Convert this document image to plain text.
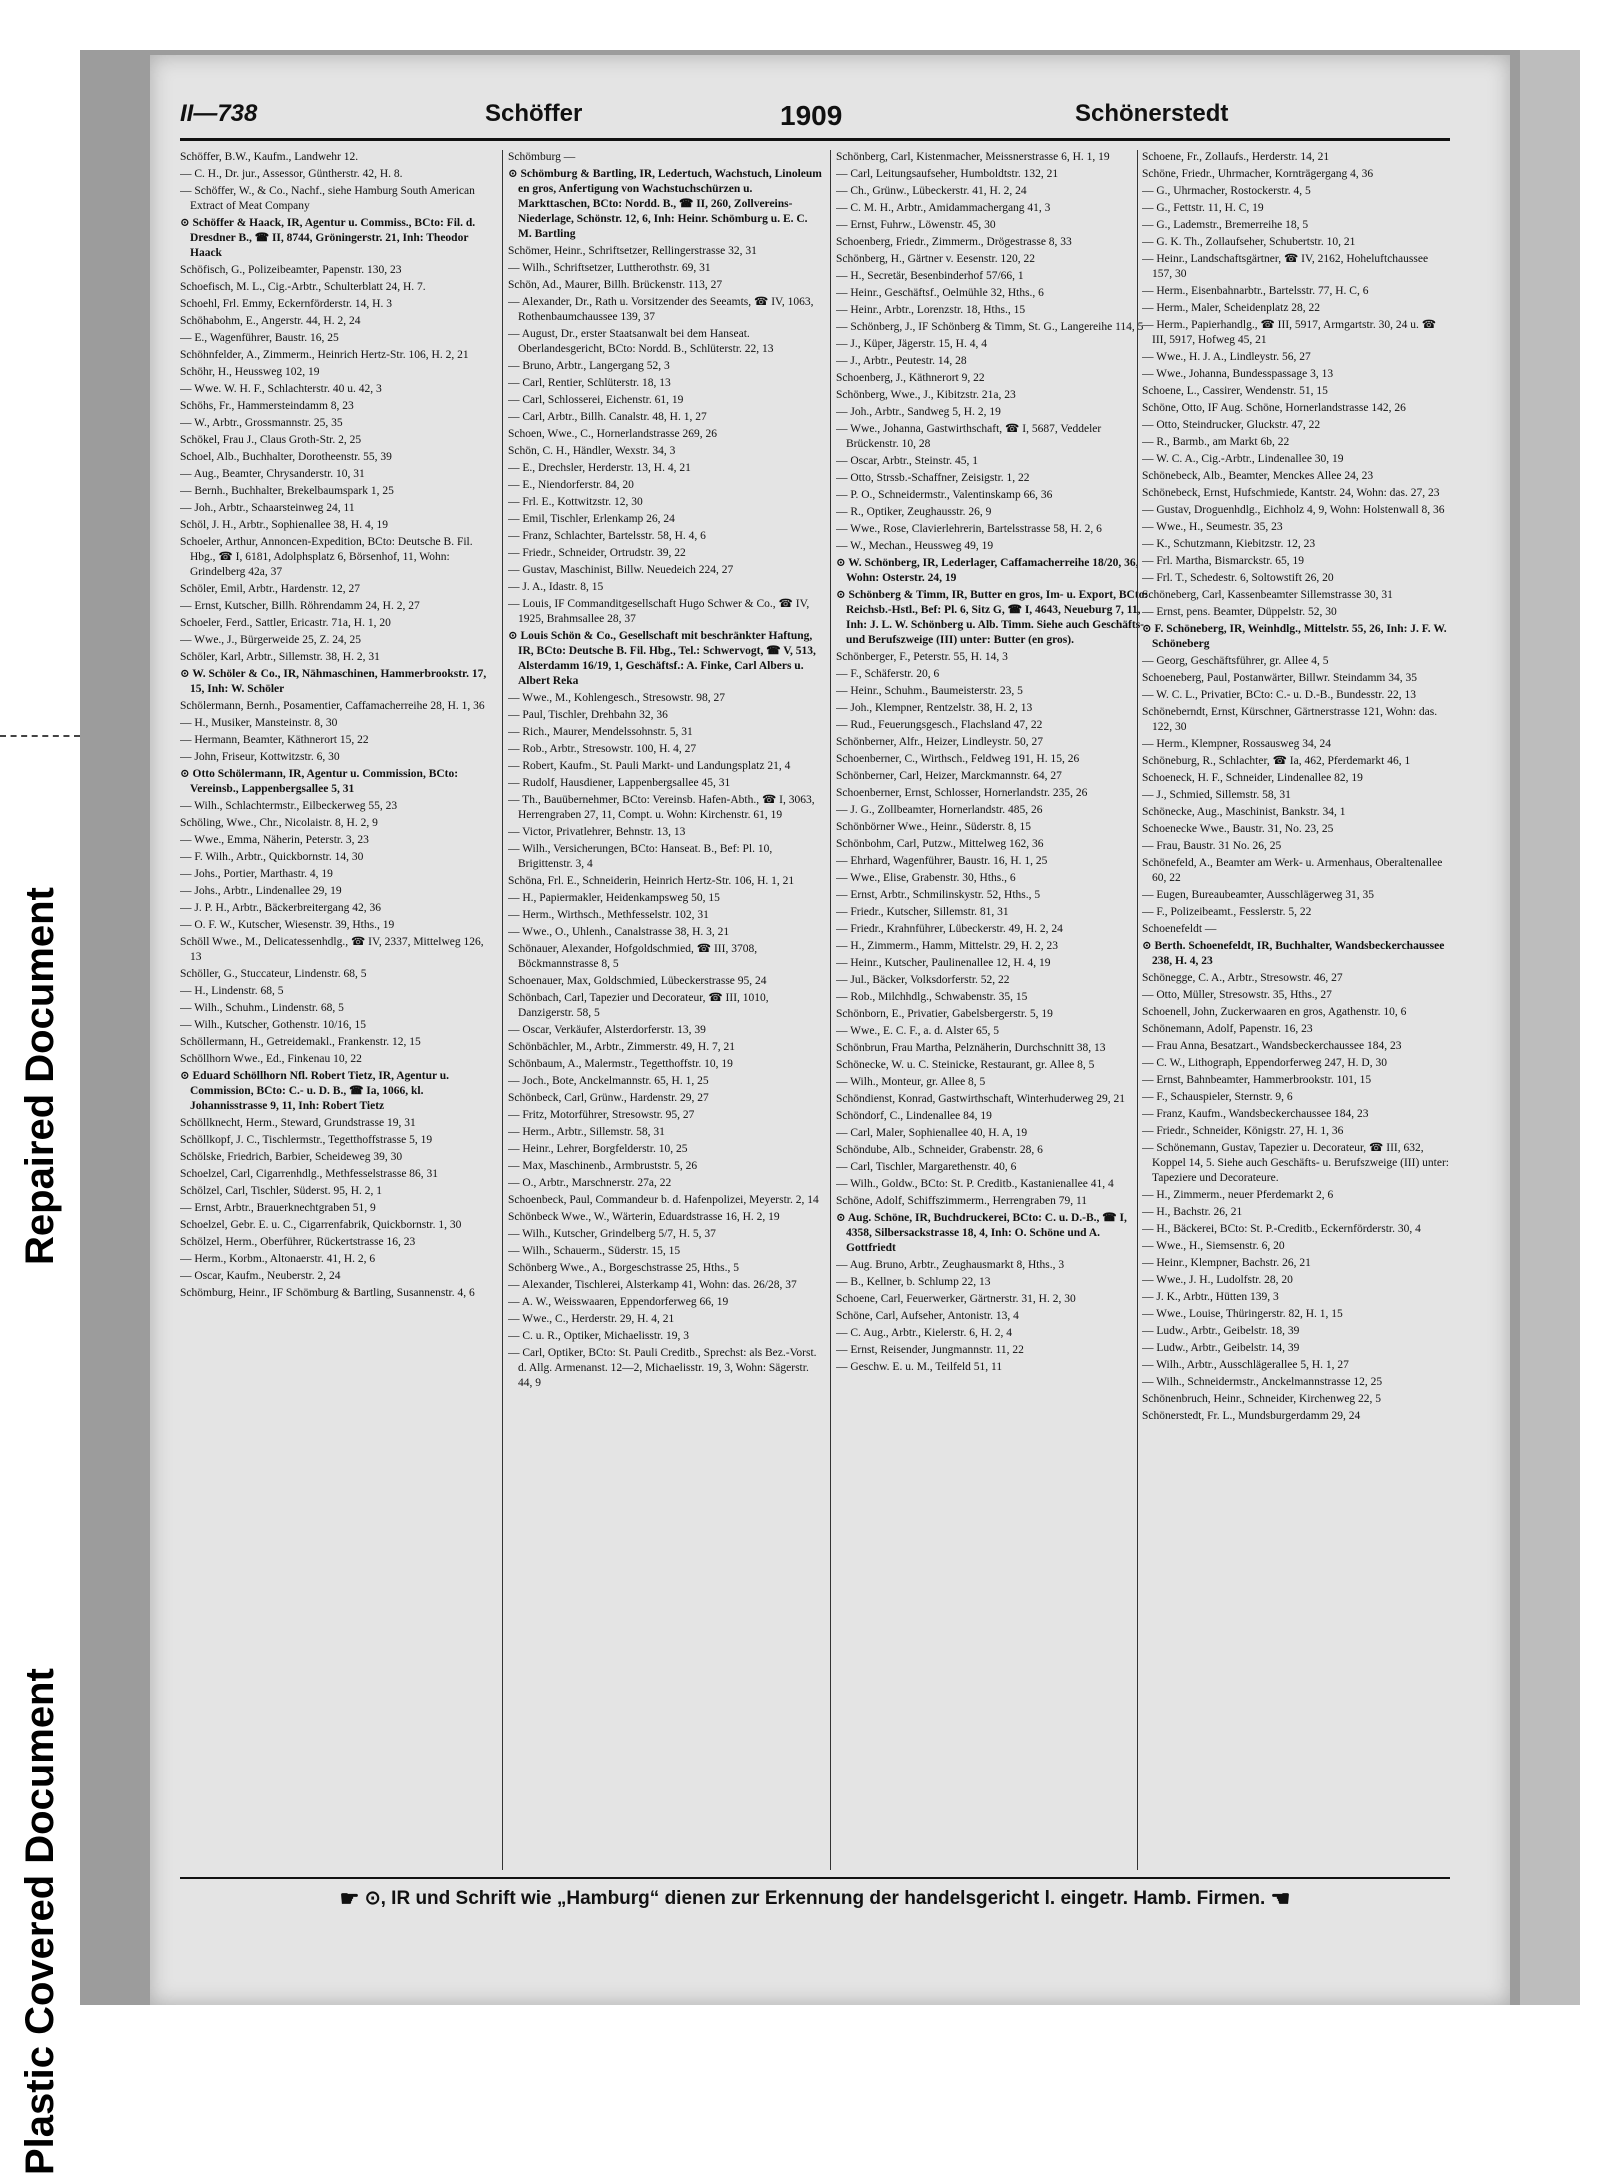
Repaired Document
Plastic Covered Document
II—738	Schöffer	1909	Schönerstedt

Schöffer, B.W., Kaufm., Landwehr 12.

— C. H., Dr. jur., Assessor, Güntherstr. 42, H. 8.

— Schöffer, W., & Co., Nachf., siehe Hamburg South American Extract of Meat Company

⊙ Schöffer & Haack, IR, Agentur u. Commiss., BCto: Fil. d. Dresdner B., ☎ II, 8744, Gröningerstr. 21, Inh: Theodor Haack

Schöfisch, G., Polizeibeamter, Papenstr. 130, 23

Schoefisch, M. L., Cig.-Arbtr., Schulterblatt 24, H. 7.

Schoehl, Frl. Emmy, Eckernförderstr. 14, H. 3

Schöhabohm, E., Angerstr. 44, H. 2, 24

— E., Wagenführer, Baustr. 16, 25

Schöhnfelder, A., Zimmerm., Heinrich Hertz-Str. 106, H. 2, 21

Schöhr, H., Heussweg 102, 19

— Wwe. W. H. F., Schlachterstr. 40 u. 42, 3

Schöhs, Fr., Hammersteindamm 8, 23

— W., Arbtr., Grossmannstr. 25, 35

Schökel, Frau J., Claus Groth-Str. 2, 25

Schoel, Alb., Buchhalter, Dorotheenstr. 55, 39

— Aug., Beamter, Chrysanderstr. 10, 31

— Bernh., Buchhalter, Brekelbaumspark 1, 25

— Joh., Arbtr., Schaarsteinweg 24, 11

Schöl, J. H., Arbtr., Sophienallee 38, H. 4, 19

Schoeler, Arthur, Annoncen-Expedition, BCto: Deutsche B. Fil. Hbg., ☎ I, 6181, Adolphsplatz 6, Börsenhof, 11, Wohn: Grindelberg 42a, 37

Schöler, Emil, Arbtr., Hardenstr. 12, 27

— Ernst, Kutscher, Billh. Röhrendamm 24, H. 2, 27

Schoeler, Ferd., Sattler, Ericastr. 71a, H. 1, 20

— Wwe., J., Bürgerweide 25, Z. 24, 25

Schöler, Karl, Arbtr., Sillemstr. 38, H. 2, 31

⊙ W. Schöler & Co., IR, Nähmaschinen, Hammerbrookstr. 17, 15, Inh: W. Schöler

Schölermann, Bernh., Posamentier, Caffamacherreihe 28, H. 1, 36

— H., Musiker, Mansteinstr. 8, 30

— Hermann, Beamter, Käthnerort 15, 22

— John, Friseur, Kottwitzstr. 6, 30

⊙ Otto Schölermann, IR, Agentur u. Commission, BCto: Vereinsb., Lappenbergsallee 5, 31

— Wilh., Schlachtermstr., Eilbeckerweg 55, 23

Schöling, Wwe., Chr., Nicolaistr. 8, H. 2, 9

— Wwe., Emma, Näherin, Peterstr. 3, 23

— F. Wilh., Arbtr., Quickbornstr. 14, 30

— Johs., Portier, Marthastr. 4, 19

— Johs., Arbtr., Lindenallee 29, 19

— J. P. H., Arbtr., Bäckerbreitergang 42, 36

— O. F. W., Kutscher, Wiesenstr. 39, Hths., 19

Schöll Wwe., M., Delicatessenhdlg., ☎ IV, 2337, Mittelweg 126, 13

Schöller, G., Stuccateur, Lindenstr. 68, 5

— H., Lindenstr. 68, 5

— Wilh., Schuhm., Lindenstr. 68, 5

— Wilh., Kutscher, Gothenstr. 10/16, 15

Schöllermann, H., Getreidemakl., Frankenstr. 12, 15

Schöllhorn Wwe., Ed., Finkenau 10, 22

⊙ Eduard Schöllhorn Nfl. Robert Tietz, IR, Agentur u. Commission, BCto: C.- u. D. B., ☎ Ia, 1066, kl. Johannisstrasse 9, 11, Inh: Robert Tietz

Schöllknecht, Herm., Steward, Grundstrasse 19, 31

Schöllkopf, J. C., Tischlermstr., Tegetthoffstrasse 5, 19

Schölske, Friedrich, Barbier, Scheideweg 39, 30

Schoelzel, Carl, Cigarrenhdlg., Methfesselstrasse 86, 31

Schölzel, Carl, Tischler, Süderst. 95, H. 2, 1

— Ernst, Arbtr., Brauerknechtgraben 51, 9

Schoelzel, Gebr. E. u. C., Cigarrenfabrik, Quickbornstr. 1, 30

Schölzel, Herm., Oberführer, Rückertstrasse 16, 23

— Herm., Korbm., Altonaerstr. 41, H. 2, 6

— Oscar, Kaufm., Neuberstr. 2, 24

Schömburg, Heinr., IF Schömburg & Bartling, Susannenstr. 4, 6

Schömburg —

⊙ Schömburg & Bartling, IR, Ledertuch, Wachstuch, Linoleum en gros, Anfertigung von Wachstuchschürzen u. Markttaschen, BCto: Nordd. B., ☎ II, 260, Zollvereins-Niederlage, Schönstr. 12, 6, Inh: Heinr. Schömburg u. E. C. M. Bartling

Schömer, Heinr., Schriftsetzer, Rellingerstrasse 32, 31

— Wilh., Schriftsetzer, Luttherothstr. 69, 31

Schön, Ad., Maurer, Billh. Brückenstr. 113, 27

— Alexander, Dr., Rath u. Vorsitzender des Seeamts, ☎ IV, 1063, Rothenbaumchaussee 139, 37

— August, Dr., erster Staatsanwalt bei dem Hanseat. Oberlandesgericht, BCto: Nordd. B., Schlüterstr. 22, 13

— Bruno, Arbtr., Langergang 52, 3

— Carl, Rentier, Schlüterstr. 18, 13

— Carl, Schlosserei, Eichenstr. 61, 19

— Carl, Arbtr., Billh. Canalstr. 48, H. 1, 27

Schoen, Wwe., C., Hornerlandstrasse 269, 26

Schön, C. H., Händler, Wexstr. 34, 3

— E., Drechsler, Herderstr. 13, H. 4, 21

— E., Niendorferstr. 84, 20

— Frl. E., Kottwitzstr. 12, 30

— Emil, Tischler, Erlenkamp 26, 24

— Franz, Schlachter, Bartelsstr. 58, H. 4, 6

— Friedr., Schneider, Ortrudstr. 39, 22

— Gustav, Maschinist, Billw. Neuedeich 224, 27

— J. A., Idastr. 8, 15

— Louis, IF Commanditgesellschaft Hugo Schwer & Co., ☎ IV, 1925, Brahmsallee 28, 37

⊙ Louis Schön & Co., Gesellschaft mit beschränkter Haftung, IR, BCto: Deutsche B. Fil. Hbg., Tel.: Schwervogt, ☎ V, 513, Alsterdamm 16/19, 1, Geschäftsf.: A. Finke, Carl Albers u. Albert Reka

— Wwe., M., Kohlengesch., Stresowstr. 98, 27

— Paul, Tischler, Drehbahn 32, 36

— Rich., Maurer, Mendelssohnstr. 5, 31

— Rob., Arbtr., Stresowstr. 100, H. 4, 27

— Robert, Kaufm., St. Pauli Markt- und Landungsplatz 21, 4

— Rudolf, Hausdiener, Lappenbergsallee 45, 31

— Th., Bauübernehmer, BCto: Vereinsb. Hafen-Abth., ☎ I, 3063, Herrengraben 27, 11, Compt. u. Wohn: Kirchenstr. 61, 19

— Victor, Privatlehrer, Behnstr. 13, 13

— Wilh., Versicherungen, BCto: Hanseat. B., Bef: Pl. 10, Brigittenstr. 3, 4

Schöna, Frl. E., Schneiderin, Heinrich Hertz-Str. 106, H. 1, 21

— H., Papiermakler, Heidenkampsweg 50, 15

— Herm., Wirthsch., Methfesselstr. 102, 31

— Wwe., O., Uhlenh., Canalstrasse 38, H. 3, 21

Schönauer, Alexander, Hofgoldschmied, ☎ III, 3708, Böckmannstrasse 8, 5

Schoenauer, Max, Goldschmied, Lübeckerstrasse 95, 24

Schönbach, Carl, Tapezier und Decorateur, ☎ III, 1010, Danzigerstr. 58, 5

— Oscar, Verkäufer, Alsterdorferstr. 13, 39

Schönbächler, M., Arbtr., Zimmerstr. 49, H. 7, 21

Schönbaum, A., Malermstr., Tegetthoffstr. 10, 19

— Joch., Bote, Anckelmannstr. 65, H. 1, 25

Schönbeck, Carl, Grünw., Hardenstr. 29, 27

— Fritz, Motorführer, Stresowstr. 95, 27

— Herm., Arbtr., Sillemstr. 58, 31

— Heinr., Lehrer, Borgfelderstr. 10, 25

— Max, Maschinenb., Armbruststr. 5, 26

— O., Arbtr., Marschnerstr. 27a, 22

Schoenbeck, Paul, Commandeur b. d. Hafenpolizei, Meyerstr. 2, 14

Schönbeck Wwe., W., Wärterin, Eduardstrasse 16, H. 2, 19

— Wilh., Kutscher, Grindelberg 5/7, H. 5, 37

— Wilh., Schauerm., Süderstr. 15, 15

Schönberg Wwe., A., Borgeschstrasse 25, Hths., 5

— Alexander, Tischlerei, Alsterkamp 41, Wohn: das. 26/28, 37

— A. W., Weisswaaren, Eppendorferweg 66, 19

— Wwe., C., Herderstr. 29, H. 4, 21

— C. u. R., Optiker, Michaelisstr. 19, 3

— Carl, Optiker, BCto: St. Pauli Creditb., Sprechst: als Bez.-Vorst. d. Allg. Armenanst. 12—2, Michaelisstr. 19, 3, Wohn: Sägerstr. 44, 9

Schönberg, Carl, Kistenmacher, Meissnerstrasse 6, H. 1, 19

— Carl, Leitungsaufseher, Humboldtstr. 132, 21

— Ch., Grünw., Lübeckerstr. 41, H. 2, 24

— C. M. H., Arbtr., Amidammachergang 41, 3

— Ernst, Fuhrw., Löwenstr. 45, 30

Schoenberg, Friedr., Zimmerm., Drögestrasse 8, 33

Schönberg, H., Gärtner v. Eesenstr. 120, 22

— H., Secretär, Besenbinderhof 57/66, 1

— Heinr., Geschäftsf., Oelmühle 32, Hths., 6

— Heinr., Arbtr., Lorenzstr. 18, Hths., 15

— Schönberg, J., IF Schönberg & Timm, St. G., Langereihe 114, 5

— J., Küper, Jägerstr. 15, H. 4, 4

— J., Arbtr., Peutestr. 14, 28

Schoenberg, J., Käthnerort 9, 22

Schönberg, Wwe., J., Kibitzstr. 21a, 23

— Joh., Arbtr., Sandweg 5, H. 2, 19

— Wwe., Johanna, Gastwirthschaft, ☎ I, 5687, Veddeler Brückenstr. 10, 28

— Oscar, Arbtr., Steinstr. 45, 1

— Otto, Strssb.-Schaffner, Zeisigstr. 1, 22

— P. O., Schneidermstr., Valentinskamp 66, 36

— R., Optiker, Zeughausstr. 26, 9

— Wwe., Rose, Clavierlehrerin, Bartelsstrasse 58, H. 2, 6

— W., Mechan., Heussweg 49, 19

⊙ W. Schönberg, IR, Lederlager, Caffamacherreihe 18/20, 36, Wohn: Osterstr. 24, 19

⊙ Schönberg & Timm, IR, Butter en gros, Im- u. Export, BCto: Reichsb.-Hstl., Bef: Pl. 6, Sitz G, ☎ I, 4643, Neueburg 7, 11, Inh: J. L. W. Schönberg u. Alb. Timm. Siehe auch Geschäfts- und Berufszweige (III) unter: Butter (en gros).

Schönberger, F., Peterstr. 55, H. 14, 3

— F., Schäferstr. 20, 6

— Heinr., Schuhm., Baumeisterstr. 23, 5

— Joh., Klempner, Rentzelstr. 38, H. 2, 13

— Rud., Feuerungsgesch., Flachsland 47, 22

Schönberner, Alfr., Heizer, Lindleystr. 50, 27

Schoenberner, C., Wirthsch., Feldweg 191, H. 15, 26

Schönberner, Carl, Heizer, Marckmannstr. 64, 27

Schoenberner, Ernst, Schlosser, Hornerlandstr. 235, 26

— J. G., Zollbeamter, Hornerlandstr. 485, 26

Schönbörner Wwe., Heinr., Süderstr. 8, 15

Schönbohm, Carl, Putzw., Mittelweg 162, 36

— Ehrhard, Wagenführer, Baustr. 16, H. 1, 25

— Wwe., Elise, Grabenstr. 30, Hths., 6

— Ernst, Arbtr., Schmilinskystr. 52, Hths., 5

— Friedr., Kutscher, Sillemstr. 81, 31

— Friedr., Krahnführer, Lübeckerstr. 49, H. 2, 24

— H., Zimmerm., Hamm, Mittelstr. 29, H. 2, 23

— Heinr., Kutscher, Paulinenallee 12, H. 4, 19

— Jul., Bäcker, Volksdorferstr. 52, 22

— Rob., Milchhdlg., Schwabenstr. 35, 15

Schönborn, E., Privatier, Gabelsbergerstr. 5, 19

— Wwe., E. C. F., a. d. Alster 65, 5

Schönbrun, Frau Martha, Pelznäherin, Durchschnitt 38, 13

Schönecke, W. u. C. Steinicke, Restaurant, gr. Allee 8, 5

— Wilh., Monteur, gr. Allee 8, 5

Schöndienst, Konrad, Gastwirthschaft, Winterhuderweg 29, 21

Schöndorf, C., Lindenallee 84, 19

— Carl, Maler, Sophienallee 40, H. A, 19

Schöndube, Alb., Schneider, Grabenstr. 28, 6

— Carl, Tischler, Margarethenstr. 40, 6

— Wilh., Goldw., BCto: St. P. Creditb., Kastanienallee 41, 4

Schöne, Adolf, Schiffszimmerm., Herrengraben 79, 11

⊙ Aug. Schöne, IR, Buchdruckerei, BCto: C. u. D.-B., ☎ I, 4358, Silbersackstrasse 18, 4, Inh: O. Schöne und A. Gottfriedt

— Aug. Bruno, Arbtr., Zeughausmarkt 8, Hths., 3

— B., Kellner, b. Schlump 22, 13

Schoene, Carl, Feuerwerker, Gärtnerstr. 31, H. 2, 30

Schöne, Carl, Aufseher, Antonistr. 13, 4

— C. Aug., Arbtr., Kielerstr. 6, H. 2, 4

— Ernst, Reisender, Jungmannstr. 11, 22

— Geschw. E. u. M., Teilfeld 51, 11

Schoene, Fr., Zollaufs., Herderstr. 14, 21

Schöne, Friedr., Uhrmacher, Kornträgergang 4, 36

— G., Uhrmacher, Rostockerstr. 4, 5

— G., Fettstr. 11, H. C, 19

— G., Lademstr., Bremerreihe 18, 5

— G. K. Th., Zollaufseher, Schubertstr. 10, 21

— Heinr., Landschaftsgärtner, ☎ IV, 2162, Hoheluftchaussee 157, 30

— Herm., Eisenbahnarbtr., Bartelsstr. 77, H. C, 6

— Herm., Maler, Scheidenplatz 28, 22

— Herm., Papierhandlg., ☎ III, 5917, Armgartstr. 30, 24 u. ☎ III, 5917, Hofweg 45, 21

— Wwe., H. J. A., Lindleystr. 56, 27

— Wwe., Johanna, Bundesspassage 3, 13

Schoene, L., Cassirer, Wendenstr. 51, 15

Schöne, Otto, IF Aug. Schöne, Hornerlandstrasse 142, 26

— Otto, Steindrucker, Gluckstr. 47, 22

— R., Barmb., am Markt 6b, 22

— W. C. A., Cig.-Arbtr., Lindenallee 30, 19

Schönebeck, Alb., Beamter, Menckes Allee 24, 23

Schönebeck, Ernst, Hufschmiede, Kantstr. 24, Wohn: das. 27, 23

— Gustav, Droguenhdlg., Eichholz 4, 9, Wohn: Holstenwall 8, 36

— Wwe., H., Seumestr. 35, 23

— K., Schutzmann, Kiebitzstr. 12, 23

— Frl. Martha, Bismarckstr. 65, 19

— Frl. T., Schedestr. 6, Soltowstift 26, 20

Schöneberg, Carl, Kassenbeamter Sillemstrasse 30, 31

— Ernst, pens. Beamter, Düppelstr. 52, 30

⊙ F. Schöneberg, IR, Weinhdlg., Mittelstr. 55, 26, Inh: J. F. W. Schöneberg

— Georg, Geschäftsführer, gr. Allee 4, 5

Schoeneberg, Paul, Postanwärter, Billwr. Steindamm 34, 35

— W. C. L., Privatier, BCto: C.- u. D.-B., Bundesstr. 22, 13

Schöneberndt, Ernst, Kürschner, Gärtnerstrasse 121, Wohn: das. 122, 30

— Herm., Klempner, Rossausweg 34, 24

Schöneburg, R., Schlachter, ☎ Ia, 462, Pferdemarkt 46, 1

Schoeneck, H. F., Schneider, Lindenallee 82, 19

— J., Schmied, Sillemstr. 58, 31

Schönecke, Aug., Maschinist, Bankstr. 34, 1

Schoenecke Wwe., Baustr. 31, No. 23, 25

— Frau, Baustr. 31 No. 26, 25

Schönefeld, A., Beamter am Werk- u. Armenhaus, Oberaltenallee 60, 22

— Eugen, Bureaubeamter, Ausschlägerweg 31, 35

— F., Polizeibeamt., Fesslerstr. 5, 22

Schoenefeldt —

⊙ Berth. Schoenefeldt, IR, Buchhalter, Wandsbeckerchaussee 238, H. 4, 23

Schönegge, C. A., Arbtr., Stresowstr. 46, 27

— Otto, Müller, Stresowstr. 35, Hths., 27

Schoenell, John, Zuckerwaaren en gros, Agathenstr. 10, 6

Schönemann, Adolf, Papenstr. 16, 23

— Frau Anna, Besatzart., Wandsbeckerchaussee 184, 23

— C. W., Lithograph, Eppendorferweg 247, H. D, 30

— Ernst, Bahnbeamter, Hammerbrookstr. 101, 15

— F., Schauspieler, Sternstr. 9, 6

— Franz, Kaufm., Wandsbeckerchaussee 184, 23

— Friedr., Schneider, Königstr. 27, H. 1, 36

— Schönemann, Gustav, Tapezier u. Decorateur, ☎ III, 632, Koppel 14, 5. Siehe auch Geschäfts- u. Berufszweige (III) unter: Tapeziere und Decorateure.

— H., Zimmerm., neuer Pferdemarkt 2, 6

— H., Bachstr. 26, 21

— H., Bäckerei, BCto: St. P.-Creditb., Eckernförderstr. 30, 4

— Wwe., H., Siemsenstr. 6, 20

— Heinr., Klempner, Bachstr. 26, 21

— Wwe., J. H., Ludolfstr. 28, 20

— J. K., Arbtr., Hütten 139, 3

— Wwe., Louise, Thüringerstr. 82, H. 1, 15

— Ludw., Arbtr., Geibelstr. 18, 39

— Ludw., Arbtr., Geibelstr. 14, 39

— Wilh., Arbtr., Ausschlägerallee 5, H. 1, 27

— Wilh., Schneidermstr., Anckelmannstrasse 12, 25

Schönenbruch, Heinr., Schneider, Kirchenweg 22, 5

Schönerstedt, Fr. L., Mundsburgerdamm 29, 24

☛ ⊙, IR und Schrift wie „Hamburg“ dienen zur Erkennung der handelsgericht l. eingetr. Hamb. Firmen. ☚
